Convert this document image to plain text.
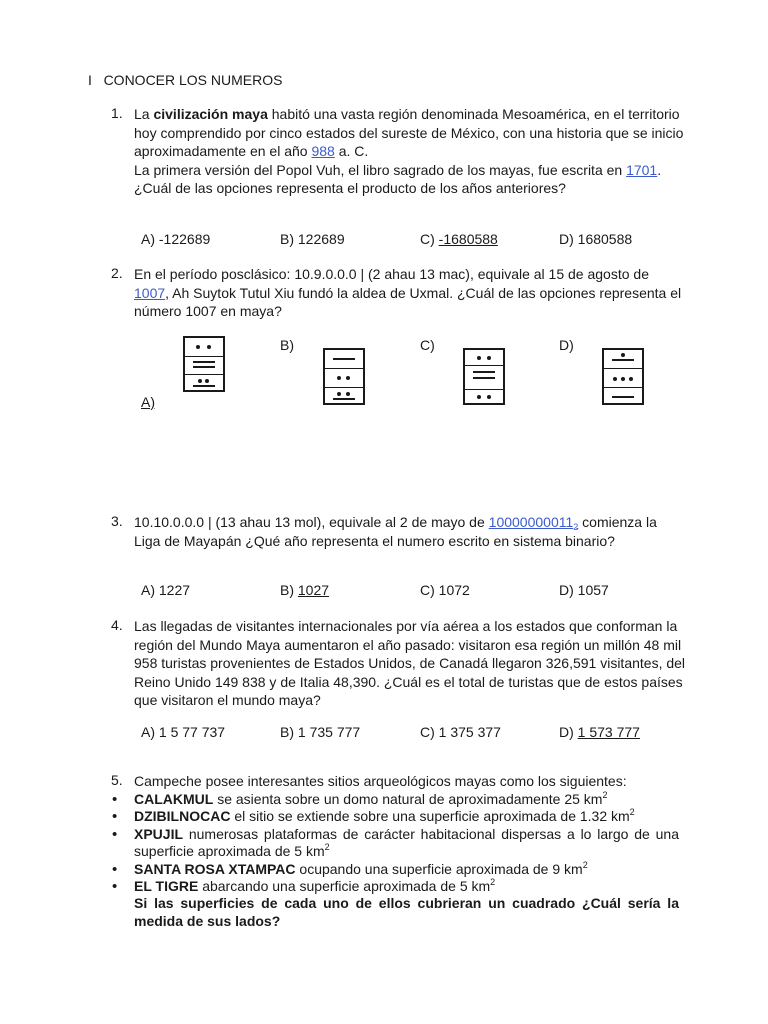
I CONOCER LOS NUMEROS
1. La civilización maya habitó una vasta región denominada Mesoamérica, en el territorio
hoy comprendido por cinco estados del sureste de México, con una historia que se inicio
aproximadamente en el año 988 a. C.
La primera versión del Popol Vuh, el libro sagrado de los mayas, fue escrita en 1701.
¿Cuál de las opciones representa el producto de los años anteriores?
A) -122689	B) 122689	C) -1680588	D) 1680588
2. En el período posclásico: 10.9.0.0.0 | (2 ahau 13 mac), equivale al 15 de agosto de
1007, Ah Suytok Tutul Xiu fundó la aldea de Uxmal. ¿Cuál de las opciones representa el
número 1007 en maya?
A)
B)	C)	D)
3. 10.10.0.0.0 | (13 ahau 13 mol), equivale al 2 de mayo de $10000000011_2$ comienza la
Liga de Mayapán ¿Qué año representa el numero escrito en sistema binario?
A) 1227	B) 1027	C) 1072	D) 1057
4. Las llegadas de visitantes internacionales por vía aérea a los estados que conforman la
región del Mundo Maya aumentaron el año pasado: visitaron esa región un millón 48 mil
958 turistas provenientes de Estados Unidos, de Canadá llegaron 326,591 visitantes, del
Reino Unido 149 838 y de Italia 48,390. ¿Cuál es el total de turistas que de estos países
que visitaron el mundo maya?
A) 1 5 77 737	B) 1 735 777	C) 1 375 377	D) 1 573 777
5. Campeche posee interesantes sitios arqueológicos mayas como los siguientes:
• CALAKMUL se asienta sobre un domo natural de aproximadamente 25 $km^2$
• DZIBILNOCAC el sitio se extiende sobre una superficie aproximada de 1.32 $km^2$
• XPUJIL numerosas plataformas de carácter habitacional dispersas a lo largo de una superficie aproximada de 5 $km^2$
• SANTA ROSA XTAMPAC ocupando una superficie aproximada de 9 $km^2$
• EL TIGRE abarcando una superficie aproximada de 5 $km^2$
Si las superficies de cada uno de ellos cubrieran un cuadrado ¿Cuál sería la medida de sus lados?
